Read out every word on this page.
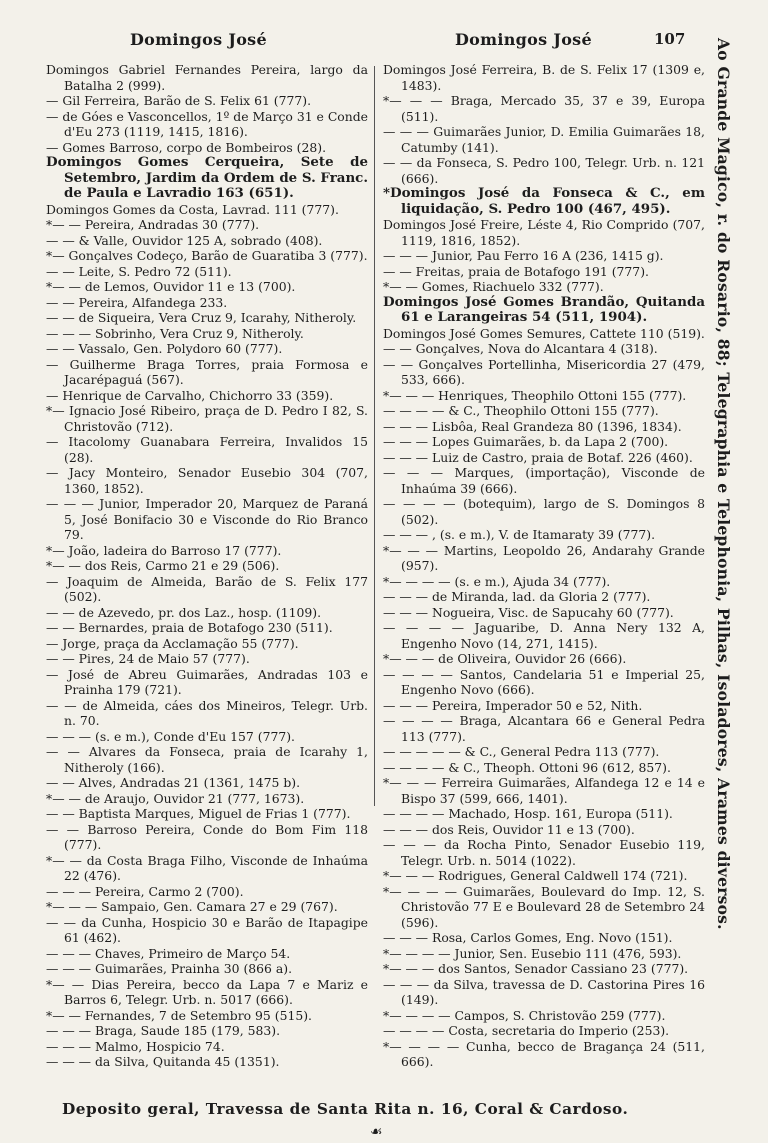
Domingos José	Domingos José	107

Domingos Gabriel Fernandes Pereira, largo da Batalha 2 (999).

— Gil Ferreira, Barão de S. Felix 61 (777).

— de Góes e Vasconcellos, 1º de Março 31 e Conde d'Eu 273 (1119, 1415, 1816).

— Gomes Barroso, corpo de Bombeiros (28).

Domingos Gomes Cerqueira, Sete de Setembro, Jardim da Ordem de S. Franc. de Paula e Lavradio 163 (651).

Domingos Gomes da Costa, Lavrad. 111 (777).

*— — Pereira, Andradas 30 (777).

— — & Valle, Ouvidor 125 A, sobrado (408).

*— Gonçalves Codeço, Barão de Guaratiba 3 (777).

— — Leite, S. Pedro 72 (511).

*— — de Lemos, Ouvidor 11 e 13 (700).

— — Pereira, Alfandega 233.

— — de Siqueira, Vera Cruz 9, Icarahy, Nitheroly.

— — — Sobrinho, Vera Cruz 9, Nitheroly.

— — Vassalo, Gen. Polydoro 60 (777).

— Guilherme Braga Torres, praia Formosa e Jacarépaguá (567).

— Henrique de Carvalho, Chichorro 33 (359).

*— Ignacio José Ribeiro, praça de D. Pedro I 82, S. Christovão (712).

— Itacolomy Guanabara Ferreira, Invalidos 15 (28).

— Jacy Monteiro, Senador Eusebio 304 (707, 1360, 1852).

— — — Junior, Imperador 20, Marquez de Paraná 5, José Bonifacio 30 e Visconde do Rio Branco 79.

*— João, ladeira do Barroso 17 (777).

*— — dos Reis, Carmo 21 e 29 (506).

— Joaquim de Almeida, Barão de S. Felix 177 (502).

— — de Azevedo, pr. dos Laz., hosp. (1109).

— — Bernardes, praia de Botafogo 230 (511).

— Jorge, praça da Acclamação 55 (777).

— — Pires, 24 de Maio 57 (777).

— José de Abreu Guimarães, Andradas 103 e Prainha 179 (721).

— — de Almeida, cáes dos Mineiros, Telegr. Urb. n. 70.

— — — (s. e m.), Conde d'Eu 157 (777).

— — Alvares da Fonseca, praia de Icarahy 1, Nitheroly (166).

— — Alves, Andradas 21 (1361, 1475 b).

*— — de Araujo, Ouvidor 21 (777, 1673).

— — Baptista Marques, Miguel de Frias 1 (777).

— — Barroso Pereira, Conde do Bom Fim 118 (777).

*— — da Costa Braga Filho, Visconde de Inhaúma 22 (476).

— — — Pereira, Carmo 2 (700).

*— — — Sampaio, Gen. Camara 27 e 29 (767).

— — da Cunha, Hospicio 30 e Barão de Itapagipe 61 (462).

— — — Chaves, Primeiro de Março 54.

— — — Guimarães, Prainha 30 (866 a).

*— — Dias Pereira, becco da Lapa 7 e Mariz e Barros 6, Telegr. Urb. n. 5017 (666).

*— — Fernandes, 7 de Setembro 95 (515).

— — — Braga, Saude 185 (179, 583).

— — — Malmo, Hospicio 74.

— — — da Silva, Quitanda 45 (1351).

Domingos José Ferreira, B. de S. Felix 17 (1309 e, 1483).

*— — — Braga, Mercado 35, 37 e 39, Europa (511).

— — — Guimarães Junior, D. Emilia Guimarães 18, Catumby (141).

— — da Fonseca, S. Pedro 100, Telegr. Urb. n. 121 (666).

*Domingos José da Fonseca & C., em liquidação, S. Pedro 100 (467, 495).

Domingos José Freire, Léste 4, Rio Comprido (707, 1119, 1816, 1852).

— — — Junior, Pau Ferro 16 A (236, 1415 g).

— — Freitas, praia de Botafogo 191 (777).

*— — Gomes, Riachuelo 332 (777).

Domingos José Gomes Brandão, Quitanda 61 e Larangeiras 54 (511, 1904).

Domingos José Gomes Semures, Cattete 110 (519).

— — Gonçalves, Nova do Alcantara 4 (318).

— — Gonçalves Portellinha, Misericordia 27 (479, 533, 666).

*— — — Henriques, Theophilo Ottoni 155 (777).

— — — — & C., Theophilo Ottoni 155 (777).

— — — Lisbôa, Real Grandeza 80 (1396, 1834).

— — — Lopes Guimarães, b. da Lapa 2 (700).

— — — Luiz de Castro, praia de Botaf. 226 (460).

— — — Marques, (importação), Visconde de Inhaúma 39 (666).

— — — — (botequim), largo de S. Domingos 8 (502).

— — — , (s. e m.), V. de Itamaraty 39 (777).

*— — — Martins, Leopoldo 26, Andarahy Grande (957).

*— — — — (s. e m.), Ajuda 34 (777).

— — — de Miranda, lad. da Gloria 2 (777).

— — — Nogueira, Visc. de Sapucahy 60 (777).

— — — — Jaguaribe, D. Anna Nery 132 A, Engenho Novo (14, 271, 1415).

*— — — de Oliveira, Ouvidor 26 (666).

— — — — Santos, Candelaria 51 e Imperial 25, Engenho Novo (666).

— — — Pereira, Imperador 50 e 52, Nith.

— — — — Braga, Alcantara 66 e General Pedra 113 (777).

— — — — — & C., General Pedra 113 (777).

— — — — & C., Theoph. Ottoni 96 (612, 857).

*— — — Ferreira Guimarães, Alfandega 12 e 14 e Bispo 37 (599, 666, 1401).

— — — — Machado, Hosp. 161, Europa (511).

— — — dos Reis, Ouvidor 11 e 13 (700).

— — — da Rocha Pinto, Senador Eusebio 119, Telegr. Urb. n. 5014 (1022).

*— — — Rodrigues, General Caldwell 174 (721).

*— — — — Guimarães, Boulevard do Imp. 12, S. Christovão 77 E e Boulevard 28 de Setembro 24 (596).

— — — Rosa, Carlos Gomes, Eng. Novo (151).

*— — — — Junior, Sen. Eusebio 111 (476, 593).

*— — — dos Santos, Senador Cassiano 23 (777).

— — — da Silva, travessa de D. Castorina Pires 16 (149).

*— — — — Campos, S. Christovão 259 (777).

— — — — Costa, secretaria do Imperio (253).

*— — — — Cunha, becco de Bragança 24 (511, 666).

Ao Grande Magico, r. do Rosario, 88; Telegraphia e Telephonia, Pilhas, Isoladores, Arames diversos.
Deposito geral, Travessa de Santa Rita n. 16, Coral & Cardoso.
☙
